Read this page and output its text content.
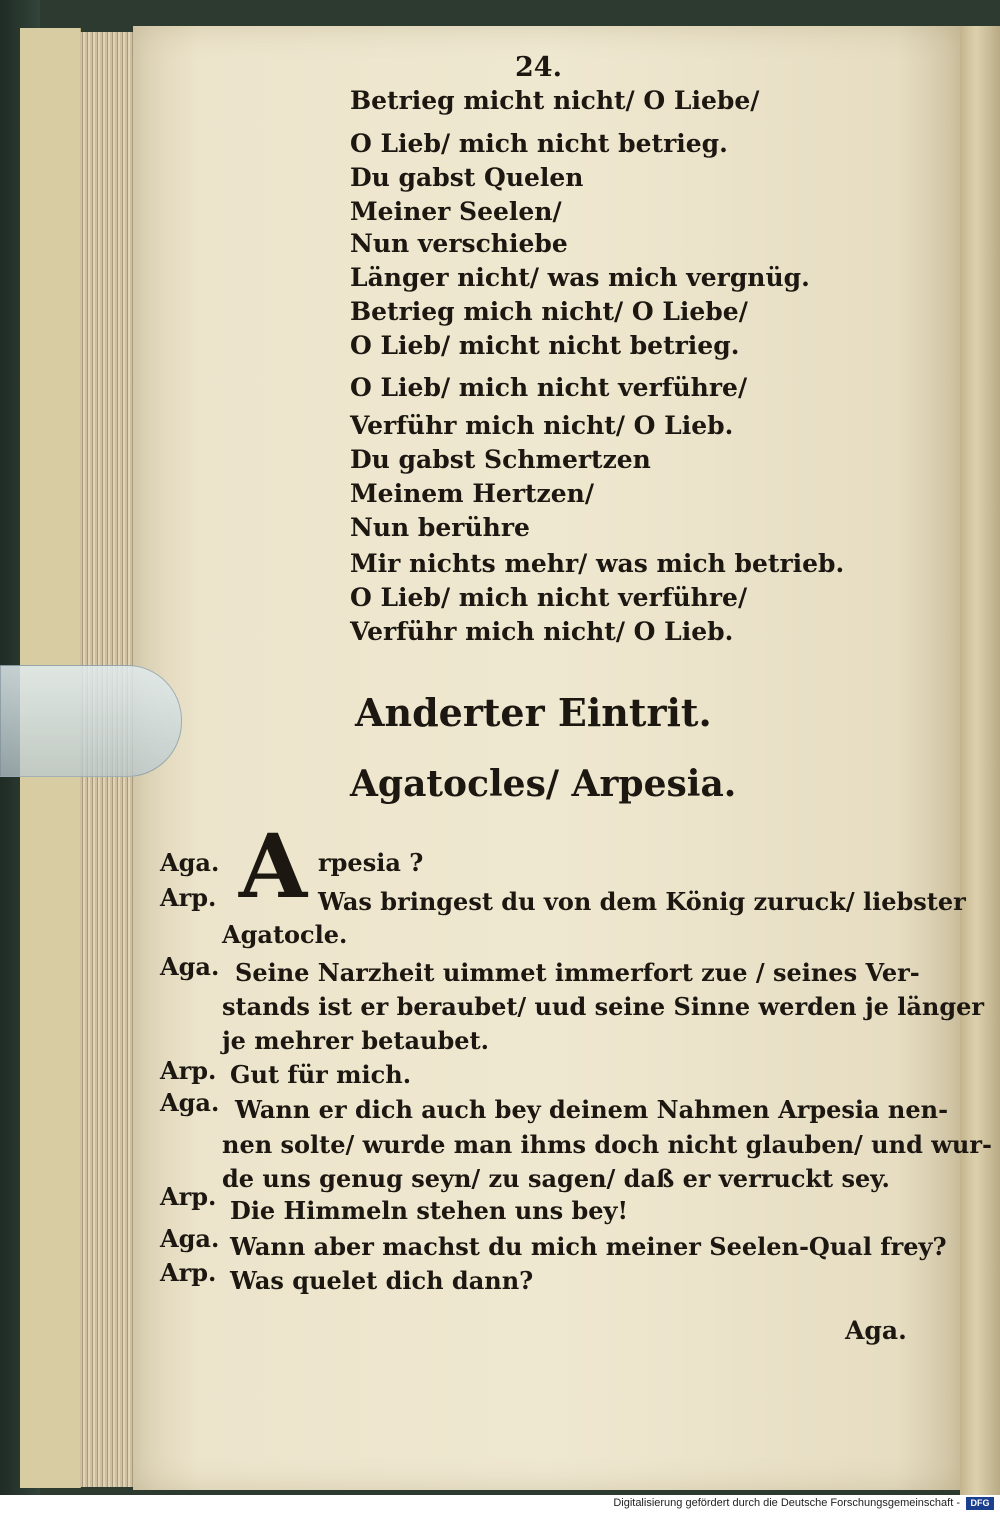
24.
Betrieg micht nicht/ O Liebe/
O Lieb/ mich nicht betrieg.
Du gabst Quelen
Meiner Seelen/
Nun verschiebe
Länger nicht/ was mich vergnüg.
Betrieg mich nicht/ O Liebe/
O Lieb/ micht nicht betrieg.
O Lieb/ mich nicht verführe/
Verführ mich nicht/ O Lieb.
Du gabst Schmertzen
Meinem Hertzen/
Nun berühre
Mir nichts mehr/ was mich betrieb.
O Lieb/ mich nicht verführe/
Verführ mich nicht/ O Lieb.
Anderter Eintrit.
Agatocles/ Arpesia.
A
Aga.	rpesia ?
Arp.	Was bringest du von dem König zuruck/ liebster
Agatocle.
Aga. Seine Narzheit uimmet immerfort zue / seines Ver-
stands ist er beraubet/ uud seine Sinne werden je länger
je mehrer betaubet.
Arp. Gut für mich.
Aga. Wann er dich auch bey deinem Nahmen Arpesia nen-
nen solte/ wurde man ihms doch nicht glauben/ und wur-
de uns genug seyn/ zu sagen/ daß er verruckt sey.
Arp. Die Himmeln stehen uns bey!
Aga. Wann aber machst du mich meiner Seelen-Qual frey?
Arp. Was quelet dich dann?
Aga.
Digitalisierung gefördert durch die Deutsche Forschungsgemeinschaft -	DFG
